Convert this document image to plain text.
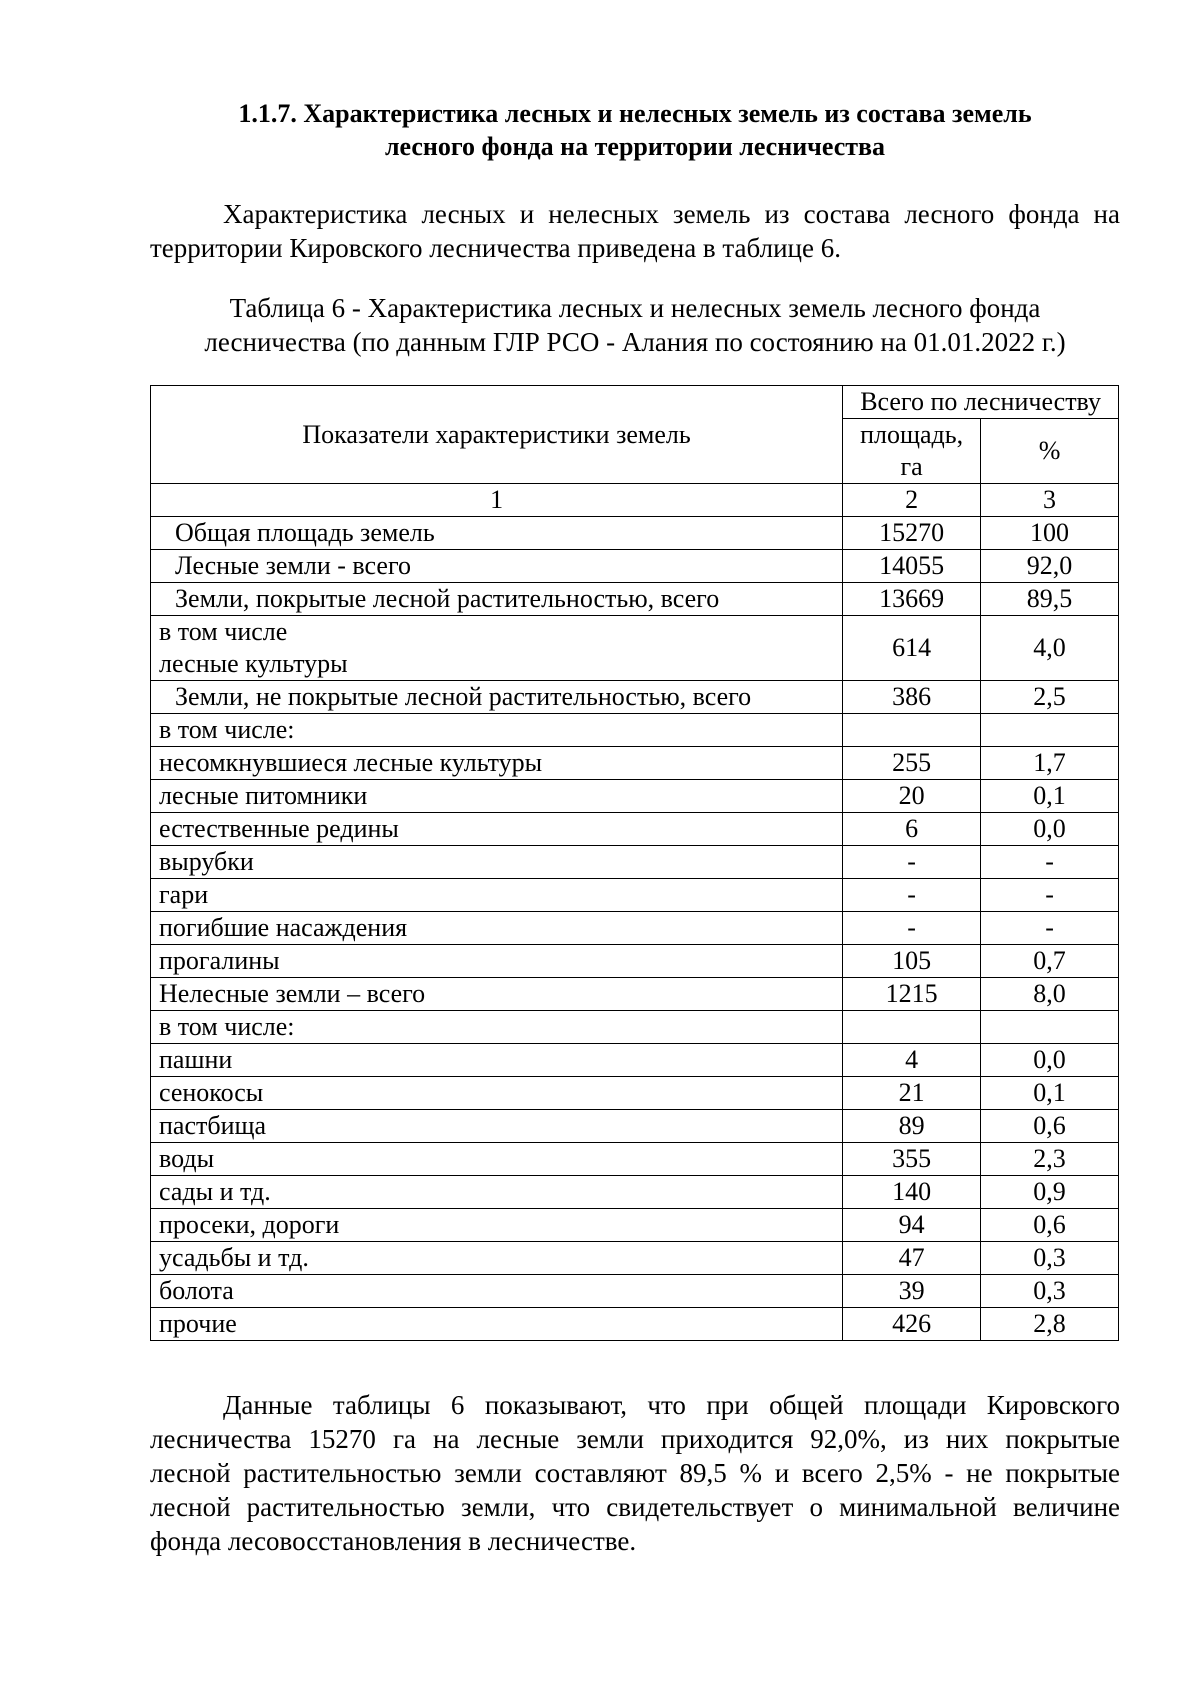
1.1.7. Характеристика лесных и нелесных земель из состава земель
лесного фонда на территории лесничества
Характеристика лесных и нелесных земель из состава лесного фонда на
территории Кировского лесничества приведена в таблице 6.
Таблица 6 - Характеристика лесных и нелесных земель лесного фонда
лесничества (по данным ГЛР РСО - Алания по состоянию на 01.01.2022 г.)
Показатели характеристики земель	Всего по лесничеству	
	площадь, га	%
1	2	3

Общая площадь земель	15270	100

Лесные земли - всего	14055	92,0

Земли, покрытые лесной растительностью, всего	13669	89,5

в том числе
лесные культуры	614	4,0

Земли, не покрытые лесной растительностью, всего	386	2,5

в том числе:		

несомкнувшиеся лесные культуры	255	1,7

лесные питомники	20	0,1

естественные редины	6	0,0

вырубки	-	-

гари	-	-

погибшие насаждения	-	-

прогалины	105	0,7

Нелесные земли – всего	1215	8,0

в том числе:		

пашни	4	0,0

сенокосы	21	0,1

пастбища	89	0,6

воды	355	2,3

сады и тд.	140	0,9

просеки, дороги	94	0,6

усадьбы и тд.	47	0,3

болота	39	0,3

прочие	426	2,8
Данные таблицы 6 показывают, что при общей площади Кировского
лесничества 15270 га на лесные земли приходится 92,0%, из них покрытые
лесной растительностью земли составляют 89,5 % и всего 2,5% - не покрытые
лесной растительностью земли, что свидетельствует о минимальной величине
фонда лесовосстановления в лесничестве.
